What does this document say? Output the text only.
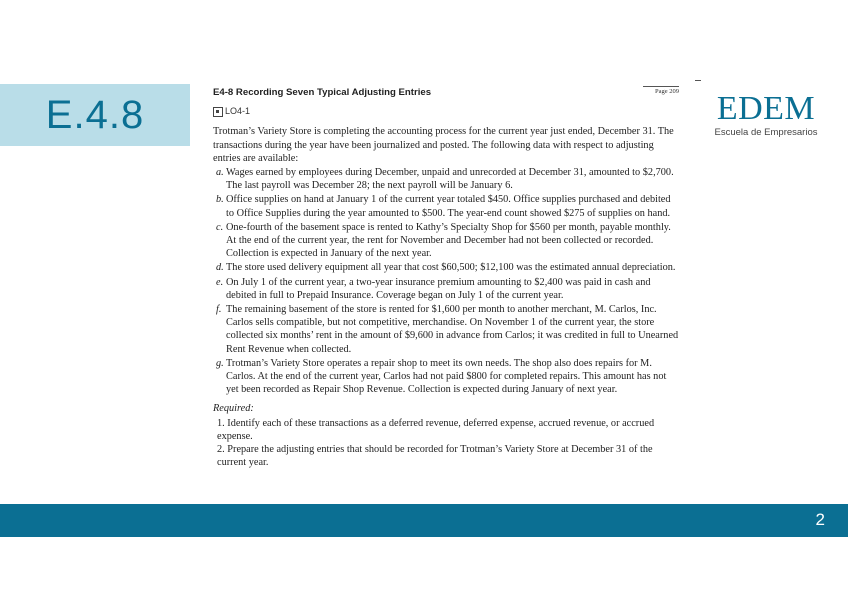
E.4.8
Page 209
E4-8 Recording Seven Typical Adjusting Entries
LO4-1

Trotman’s Variety Store is completing the accounting process for the current year just ended, December 31. The transactions during the year have been journalized and posted. The following data with respect to adjusting entries are available:

a. Wages earned by employees during December, unpaid and unrecorded at December 31, amounted to $2,700. The last payroll was December 28; the next payroll will be January 6.
b. Office supplies on hand at January 1 of the current year totaled $450. Office supplies purchased and debited to Office Supplies during the year amounted to $500. The year-end count showed $275 of supplies on hand.
c. One-fourth of the basement space is rented to Kathy’s Specialty Shop for $560 per month, payable monthly. At the end of the current year, the rent for November and December had not been collected or recorded. Collection is expected in January of the next year.
d. The store used delivery equipment all year that cost $60,500; $12,100 was the estimated annual depreciation.
e. On July 1 of the current year, a two-year insurance premium amounting to $2,400 was paid in cash and debited in full to Prepaid Insurance. Coverage began on July 1 of the current year.
f. The remaining basement of the store is rented for $1,600 per month to another merchant, M. Carlos, Inc. Carlos sells compatible, but not competitive, merchandise. On November 1 of the current year, the store collected six months’ rent in the amount of $9,600 in advance from Carlos; it was credited in full to Unearned Rent Revenue when collected.
g. Trotman’s Variety Store operates a repair shop to meet its own needs. The shop also does repairs for M. Carlos. At the end of the current year, Carlos had not paid $800 for completed repairs. This amount has not yet been recorded as Repair Shop Revenue. Collection is expected during January of next year.
Required:
1. Identify each of these transactions as a deferred revenue, deferred expense, accrued revenue, or accrued expense.
2. Prepare the adjusting entries that should be recorded for Trotman’s Variety Store at December 31 of the current year.
EDEM
Escuela de Empresarios
2
